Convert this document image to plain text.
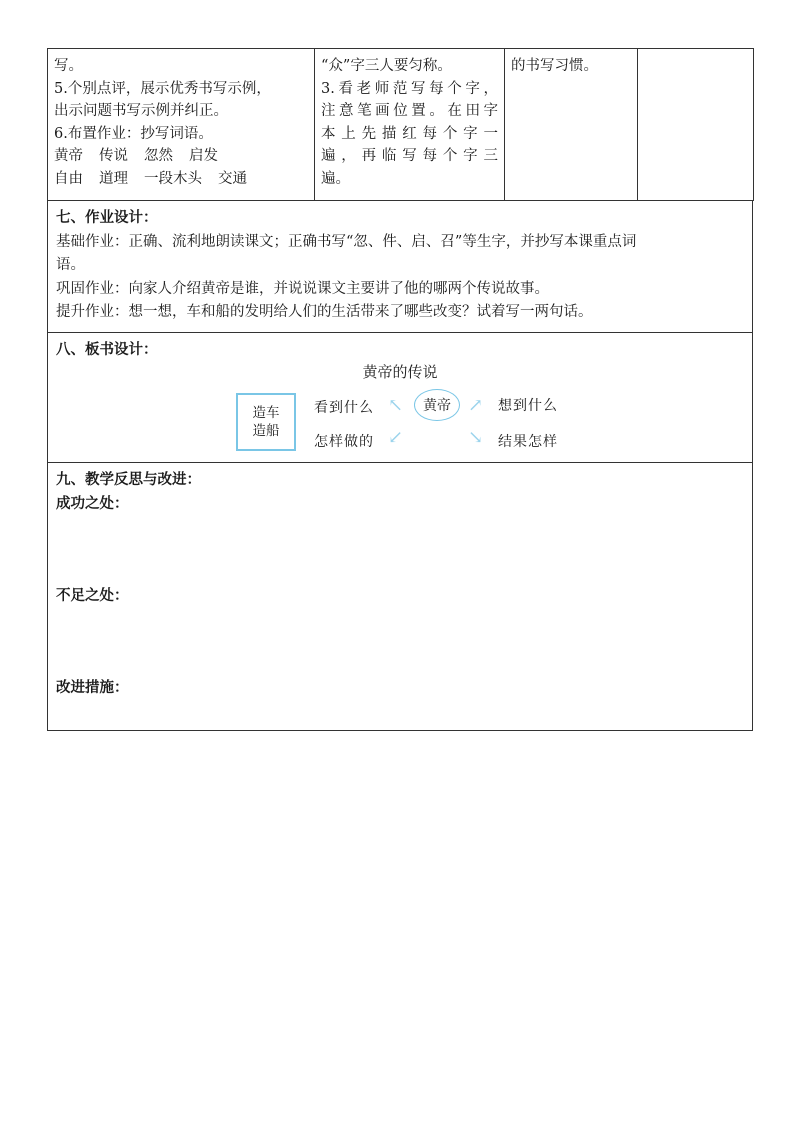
写。
5.个别点评，展示优秀书写示例，
出示问题书写示例并纠正。
6.布置作业：抄写词语。
黄帝 传说 忽然 启发
自由 道理 一段木头 交通

“众”字三人要匀称。
3.看老师范写每个字，
注意笔画位置。在田字
本上先描红每个字一
遍，再临写每个字三
遍。

的书写习惯。

七、作业设计：
基础作业：正确、流利地朗读课文；正确书写“忽、件、启、召”等生字，并抄写本课重点词
语。
巩固作业：向家人介绍黄帝是谁，并说说课文主要讲了他的哪两个传说故事。
提升作业：想一想，车和船的发明给人们的生活带来了哪些改变？试着写一两句话。
八、板书设计：
黄帝的传说
造车
造船
看到什么
怎样做的
↖
↙
黄帝 ↗
↘
想到什么
结果怎样
九、教学反思与改进：
成功之处：
不足之处：
改进措施：
